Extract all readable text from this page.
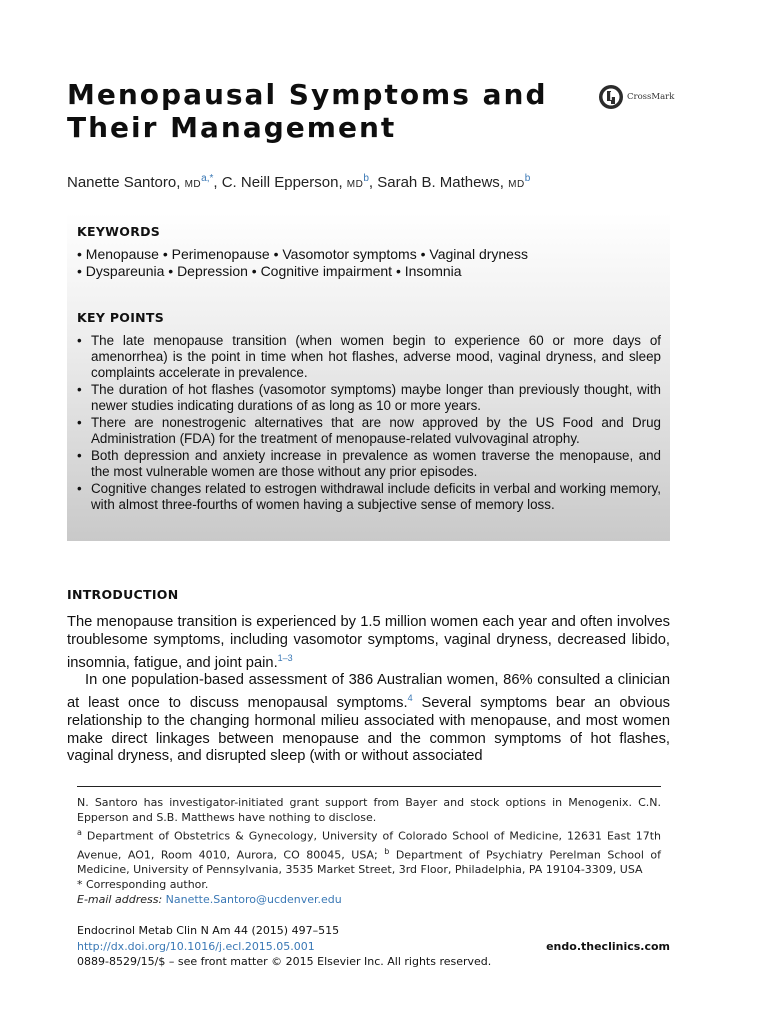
Menopausal Symptoms and
Their Management
CrossMark
Nanette Santoro, $MD^{a,*}$, C. Neill Epperson, $MD^b$, Sarah B. Mathews, $MD^b$
KEYWORDS
• Menopause • Perimenopause • Vasomotor symptoms • Vaginal dryness
• Dyspareunia • Depression • Cognitive impairment • Insomnia
KEY POINTS
• The late menopause transition (when women begin to experience 60 or more days of amenorrhea) is the point in time when hot flashes, adverse mood, vaginal dryness, and sleep complaints accelerate in prevalence.
• The duration of hot flashes (vasomotor symptoms) maybe longer than previously thought, with newer studies indicating durations of as long as 10 or more years.
• There are nonestrogenic alternatives that are now approved by the US Food and Drug Administration (FDA) for the treatment of menopause-related vulvovaginal atrophy.
• Both depression and anxiety increase in prevalence as women traverse the menopause, and the most vulnerable women are those without any prior episodes.
• Cognitive changes related to estrogen withdrawal include deficits in verbal and working memory, with almost three-fourths of women having a subjective sense of memory loss.
INTRODUCTION

The menopause transition is experienced by 1.5 million women each year and often involves troublesome symptoms, including vasomotor symptoms, vaginal dryness, decreased libido, insomnia, fatigue, and joint pain.$^{1-3}$

In one population-based assessment of 386 Australian women, 86% consulted a clinician at least once to discuss menopausal symptoms.$^4$ Several symptoms bear an obvious relationship to the changing hormonal milieu associated with menopause, and most women make direct linkages between menopause and the common symptoms of hot flashes, vaginal dryness, and disrupted sleep (with or without associated

N. Santoro has investigator-initiated grant support from Bayer and stock options in Menogenix. C.N. Epperson and S.B. Matthews have nothing to disclose.

$^a$ Department of Obstetrics & Gynecology, University of Colorado School of Medicine, 12631 East 17th Avenue, AO1, Room 4010, Aurora, CO 80045, USA; $^b$ Department of Psychiatry Perelman School of Medicine, University of Pennsylvania, 3535 Market Street, 3rd Floor, Philadelphia, PA 19104-3309, USA

* Corresponding author.

E-mail address: Nanette.Santoro@ucdenver.edu

Endocrinol Metab Clin N Am 44 (2015) 497–515
http://dx.doi.org/10.1016/j.ecl.2015.05.001	endo.theclinics.com
0889-8529/15/$ – see front matter © 2015 Elsevier Inc. All rights reserved.
